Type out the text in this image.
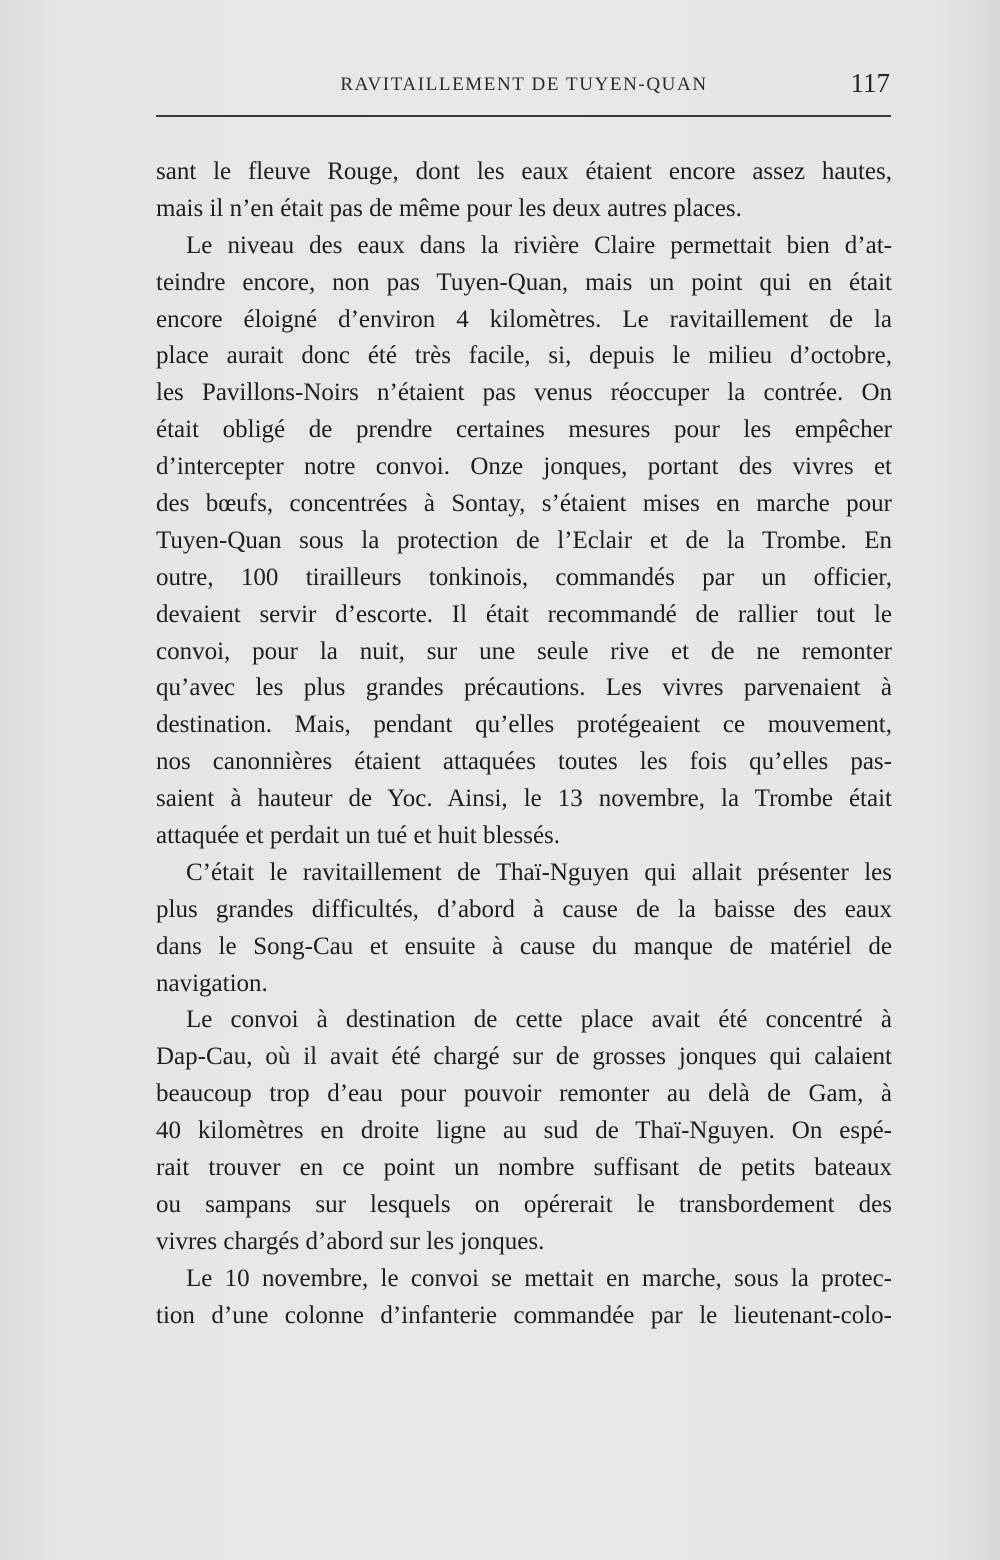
RAVITAILLEMENT DE TUYEN-QUAN	117
sant le fleuve Rouge, dont les eaux étaient encore assez hautes,
mais il n’en était pas de même pour les deux autres places.
Le niveau des eaux dans la rivière Claire permettait bien d’at-
teindre encore, non pas Tuyen-Quan, mais un point qui en était
encore éloigné d’environ 4 kilomètres. Le ravitaillement de la
place aurait donc été très facile, si, depuis le milieu d’octobre,
les Pavillons-Noirs n’étaient pas venus réoccuper la contrée. On
était obligé de prendre certaines mesures pour les empêcher
d’intercepter notre convoi. Onze jonques, portant des vivres et
des bœufs, concentrées à Sontay, s’étaient mises en marche pour
Tuyen-Quan sous la protection de l’Eclair et de la Trombe. En
outre, 100 tirailleurs tonkinois, commandés par un officier,
devaient servir d’escorte. Il était recommandé de rallier tout le
convoi, pour la nuit, sur une seule rive et de ne remonter
qu’avec les plus grandes précautions. Les vivres parvenaient à
destination. Mais, pendant qu’elles protégeaient ce mouvement,
nos canonnières étaient attaquées toutes les fois qu’elles pas-
saient à hauteur de Yoc. Ainsi, le 13 novembre, la Trombe était
attaquée et perdait un tué et huit blessés.
C’était le ravitaillement de Thaï-Nguyen qui allait présenter les
plus grandes difficultés, d’abord à cause de la baisse des eaux
dans le Song-Cau et ensuite à cause du manque de matériel de
navigation.
Le convoi à destination de cette place avait été concentré à
Dap-Cau, où il avait été chargé sur de grosses jonques qui calaient
beaucoup trop d’eau pour pouvoir remonter au delà de Gam, à
40 kilomètres en droite ligne au sud de Thaï-Nguyen. On espé-
rait trouver en ce point un nombre suffisant de petits bateaux
ou sampans sur lesquels on opérerait le transbordement des
vivres chargés d’abord sur les jonques.
Le 10 novembre, le convoi se mettait en marche, sous la protec-
tion d’une colonne d’infanterie commandée par le lieutenant-colo-
